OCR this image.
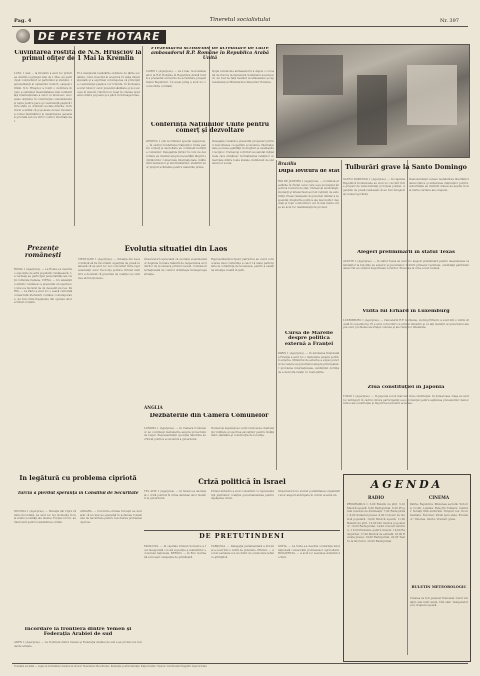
Pag. 4	Tineretul socialistului	Nr. 397
DE PESTE HOTARE
Cuvîntarea rostită de N.S. Hrușciov la primul ofiţer de 1 Mai la Kremlin
LUNI, 1 mai — la Kremlin a avut loc primirea oferită cu prilejul zilei de 1 Mai. Au participat conducători ai partidului şi statului, reprezentanţi ai oamenilor muncii, oaspeţi străini. N.S. Hruşciov a rostit o cuvîntare în care a subliniat însemnătatea zilei solidarităţii internaţionale a celor ce muncesc, succesele obţinute în construcţia comunismului şi lupta pentru pace şi coexistenţă paşnică între state cu orînduiri sociale diferite. Vorbitorul a arătat că popoarele doresc încetarea cursei înarmărilor şi dezarmarea generală şi totală sub un strict control internaţional.
El a menţionat realizările obţinute de ţările socialiste, rolul crescînd al acestora în viaţa internaţională şi a exprimat convingerea că principiile coexistenţei paşnice vor triumfa. În încheiere a urat tuturor celor prezenţi sănătate şi noi succese în muncă, ridicînd un toast în cinstea prieteniei dintre popoare şi a păcii în întreaga lume.
Prezentarea scrisorilor de acreditare de către ambasadorul R.P. Române în Republica Arabă Unită
CAIRO 1 (Agerpres). — La 2 mai, noul ambasador al R.P. Române în Republica Arabă Unită a prezentat scrisorile de acreditare preşedintelui Republicii. Cu acest prilej a avut loc o convorbire cordială.
După ceremonie ambasadorul a depus o coroană de flori la monumentul Soldatului necunoscut. Au fost de faţă membri ai ambasadei şi reprezentanţi ai Ministerului Afacerilor Externe.
Conferința Națiunilor Unite pentru comerț și dezvoltare
GENEVA 1 (De la trimisul special Agerpres). — În cadrul Conferinţei Naţiunilor Unite pentru comerţ şi dezvoltare au continuat lucrările comisiilor. Delegaţiile ţărilor în curs de dezvoltare au insistat asupra necesităţii lărgirii schimburilor comerciale internaţionale, înlăturării barierelor şi discriminărilor, stabilirii unor preţuri echitabile pentru materiile prime.
Delegaţia română a prezentat propuneri privind dezvoltarea cooperării economice internaţionale pe baza egalităţii în drepturi şi avantajului reciproc. Numeroşi vorbitori au salutat iniţiativele care urmăresc normalizarea relaţiilor comerciale dintre toate statele, indiferent de sistemul lor social.	Brazilia
După lovitura de stat
RIO DE JANEIRO 1 (Agerpres). — Continuă arestările în rîndul celor care s-au pronunţat împotriva loviturii de stat. Numeroşi sindicalişti, studenţi şi intelectuali au fost reţinuţi de autorităţi. Presa relatează că guvernul militar a suspendat drepturile politice ale mai multor deputaţi şi foşti conducători, iar în mai multe oraşe au avut loc manifestaţii de protest.
Tulburări grave la Santo Domingo
SANTO DOMINGO 1 (Agerpres). — În capitala Republicii Dominicane au avut loc ciocniri între grupuri de demonstranţi şi forţele poliţiei. Agenţiile de presă relatează că au fost înregistraţi numeroşi răniţi.
Demonstranţii cereau restabilirea libertăţilor democratice şi eliberarea deţinuţilor politici. Autorităţile au instituit starea de asediu în mai multe cartiere ale oraşului.
Alegeri preliminarii în statul Texas
AUSTIN 1 (Agerpres). — În statul Texas au avut loc alegeri preliminarii pentru desemnarea candidaţilor la funcţiile de senator şi guvernator. Potrivit primelor rezultate, candidaţii partidului democrat au obţinut majoritatea voturilor. Prezenţa la urne a fost redusă.
Vizita lui Erhard în Luxemburg
LUXEMBURG 1 (Agerpres). — Cancelarul R.F. Germane, Ludwig Erhard, a sosit într-o vizită oficială în Luxemburg. El a avut convorbiri cu primul ministru şi cu alţi membri ai guvernului asupra unor probleme ale Pieţei comune şi ale relaţiilor bilaterale.
Ziua constituției în Japonia
TOKIO 1 (Agerpres). — În Japonia a fost marcată ziua constituţiei. În numeroase oraşe au avut loc mitinguri în cadrul cărora participanţii s-au pronunţat pentru apărarea prevederilor democratice ale constituţiei şi împotriva revizuirii acesteia.
Cursa de Marelie despre politica externă a Franței
PARIS 1 (Agerpres). — În Adunarea Naţională a Franţei a avut loc o dezbatere asupra politicii externe. Ministrul de externe a expus punctul de vedere al guvernului asupra principalelor probleme internaţionale, subliniind dorinţa de a dezvolta relaţii cu toate ţările.
Prezențe românești
ROMA 1 (Agerpres). — La Roma s-a deschis o expoziţie de artă populară românească. La vernisaj au participat personalităţi ale vieţii culturale italiene. VIENA. — Un ansamblu artistic românesc a prezentat un spectacol care s-a bucurat de un deosebit succes. PARIS. — La Paris a avut loc o seară culturală consacrată literaturii române contemporane. Au fost citite fragmente din operele unor scriitori români.
Evoluția situației din Laos
VIENTIANE 1 (Agerpres). — Situaţia din Laos continuă să fie încordată. Agenţiile de presă relatează că au avut loc noi convorbiri între reprezentanţii celor trei forţe politice. Primul ministru a declarat că guvernul de coaliţie va continua să funcţioneze.
Observatorii apreciază că evoluţia evenimentelor depinde în mare măsură de respectarea acordurilor de la Geneva privind Laosul. Comisia internaţională de control urmăreşte îndeaproape situaţia.
Reprezentanţii forţelor patriotice au cerut convocarea unei conferinţe a celor 14 state participante la conferinţa de la Geneva, pentru a examina situaţia creată în ţară.
ANGLIA
Dezbaterile din Camera Comunelor
LONDRA 1 (Agerpres). — În Camera Comunelor au continuat dezbaterile asupra proiectului de buget. Reprezentanţii opoziţiei laburiste au criticat politica economică a guvernului.
Numeroşi deputaţi au cerut reducerea cheltuielilor militare şi sporirea alocaţiilor pentru învăţămînt, sănătate şi construcţia de locuinţe.
În legătură cu problema cipriotă
Turcia a pierdut speranța în Consiliul de Securitate
NICOSIA 1 (Agerpres). — Situaţia din Cipru rămîne încordată. Au avut loc noi incidente în mai multe localităţi ale insulei. Forţele O.N.U. au intervenit pentru restabilirea ordinii.
ANKARA. — Cercurile oficiale turceşti au declarat că nu mai au speranţă în acţiunea Consiliului de Securitate pentru rezolvarea problemei cipriote.
Criză politică în Israel
TEL AVIV 1 (Agerpres). — În Israel s-a declanşat o criză politică în urma demisiei unor membri ai guvernului.
Primul ministru a avut consultări cu reprezentanţii partidelor coaliţiei guvernamentale pentru depăşirea crizei.
Observatorii nu exclud posibilitatea organizării unor alegeri anticipate în cursul acestui an.
DE PRETUTINDENI
MOSCOVA. — În capitala Uniunii Sovietice a fost inaugurată o nouă expoziţie a realizărilor economiei naţionale. BERLIN. — În R.D. Germană a început campania de primăvară.
VARŞOVIA. — Delegaţia parlamentară a Poloniei a sosit într-o vizită de prietenie. PRAGA. — Au fost semnate noi acorduri de colaborare tehnico-ştiinţifică.
SOFIA. — La Sofia s-a deschis conferinţa internaţională consacrată problemelor agriculturii. BUDAPESTA. — A avut loc sesiunea Adunării de Stat.
Incordare la frontiera dintre Yemen și Federația Arabiei de sud
ADEN 1 (Agerpres). — La frontiera dintre Yemen şi Federaţia Arabiei de sud s-au produs noi incidente armate.
AGENDĂ
RADIO	CINEMA
PROGRAMUL I. 5,00 Buletin de ştiri. 5,10 Muzică uşoară. 6,00 Radiojurnal. 6,30 Program muzical de dimineaţă. 7,00 Radiojurnal. 8,00 Sumarul presei. 9,00 Concert de muzică populară. 10,00 Muzică uşoară. 11,00 Buletin de ştiri. 12,00 Din muzica popoarelor. 13,00 Radiojurnal. 14,00 Concert simfonic. 15,00 Emisiune pentru tineret. 16,00 Radiojurnal. 17,00 Muzică de estradă. 18,00 Revista presei. 19,00 Radiojurnal. 20,00 Teatru la microfon. 22,00 Radiojurnal.
Patria, Republica: Misiunea secretă. Victoria: Codin. Lumina: Fata din Yonkers. Central: Soldaţi fără uniformă. Timpuri noi: Documentare. Feroviar: Drum spre stele. Excelsior: Tăcerea. Gloria: Vremuri grele.
BULETIN METEOROLOGIC
Vremea va fi în general frumoasă. Cerul variabil, mai mult senin. Vînt slab. Temperatura în creştere uşoară.
Tineretul socialist — organ al Comitetului Central al Uniunii Tineretului Muncitoresc. Redacţia şi administraţia: Piaţa Scînteii. Tiparul: Combinatul Poligrafic Casa Scînteii.
